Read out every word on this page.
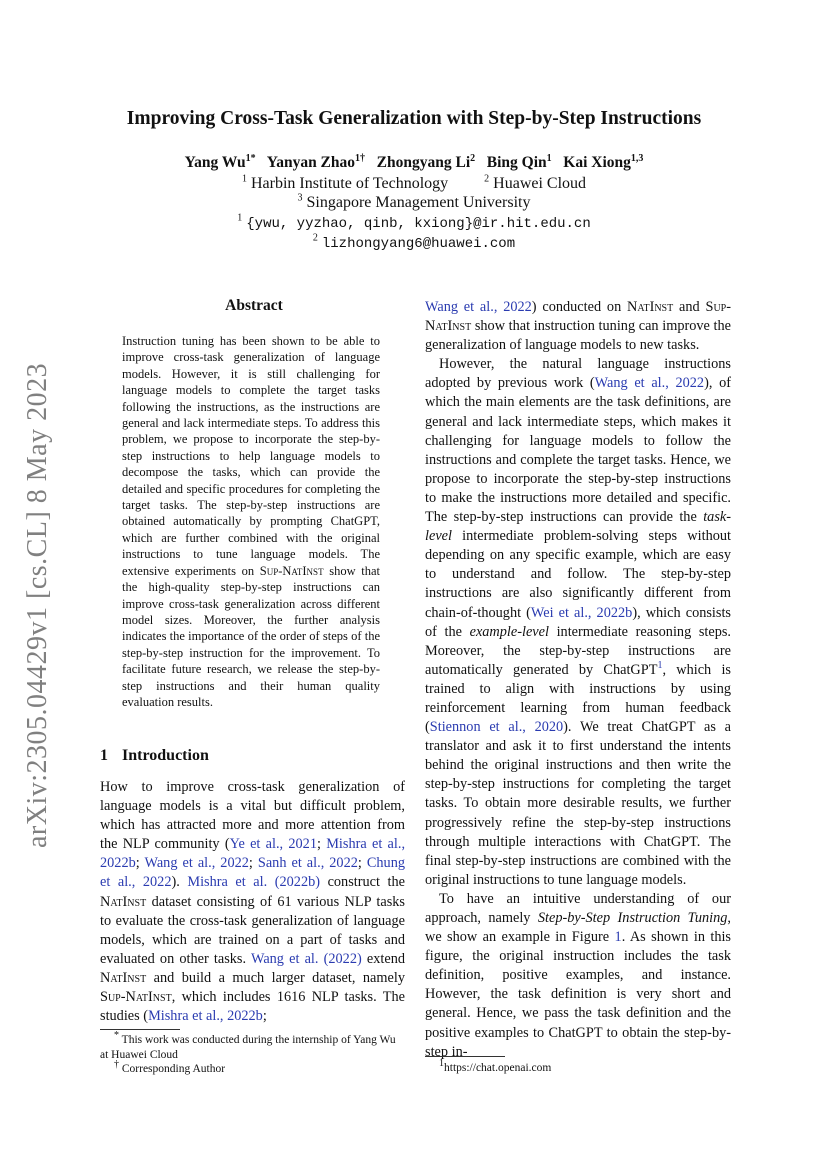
arXiv:2305.04429v1 [cs.CL] 8 May 2023
Improving Cross-Task Generalization with Step-by-Step Instructions
Yang $Wu^{1*}$ Yanyan Zhao$^{1\dagger}$ Zhongyang Li$^2$ Bing Qin$^1$ Kai Xiong$^{1,3}$
$^1$ Harbin Institute of Technology	$^2$ Huawei Cloud
$^3$ Singapore Management University
$^1$ {ywu, yyzhao, qinb, kxiong}@ir.hit.edu.cn
$^2$ lizhongyang6@huawei.com
Abstract
Instruction tuning has been shown to be able to improve cross-task generalization of language models. However, it is still challenging for language models to complete the target tasks following the instructions, as the instructions are general and lack intermediate steps. To address this problem, we propose to incorporate the step-by-step instructions to help language models to decompose the tasks, which can provide the detailed and specific procedures for completing the target tasks. The step-by-step instructions are obtained automatically by prompting ChatGPT, which are further combined with the original instructions to tune language models. The extensive experiments on Sup-NatInst show that the high-quality step-by-step instructions can improve cross-task generalization across different model sizes. Moreover, the further analysis indicates the importance of the order of steps of the step-by-step instruction for the improvement. To facilitate future research, we release the step-by-step instructions and their human quality evaluation results.
1 Introduction

How to improve cross-task generalization of language models is a vital but difficult problem, which has attracted more and more attention from the NLP community (Ye et al., 2021; Mishra et al., 2022b; Wang et al., 2022; Sanh et al., 2022; Chung et al., 2022). Mishra et al. (2022b) construct the NatInst dataset consisting of 61 various NLP tasks to evaluate the cross-task generalization of language models, which are trained on a part of tasks and evaluated on other tasks. Wang et al. (2022) extend NatInst and build a much larger dataset, namely Sup-NatInst, which includes 1616 NLP tasks. The studies (Mishra et al., 2022b;

* This work was conducted during the internship of Yang Wu at Huawei Cloud
† Corresponding Author

Wang et al., 2022) conducted on NatInst and Sup-NatInst show that instruction tuning can improve the generalization of language models to new tasks.

However, the natural language instructions adopted by previous work (Wang et al., 2022), of which the main elements are the task definitions, are general and lack intermediate steps, which makes it challenging for language models to follow the instructions and complete the target tasks. Hence, we propose to incorporate the step-by-step instructions to make the instructions more detailed and specific. The step-by-step instructions can provide the task-level intermediate problem-solving steps without depending on any specific example, which are easy to understand and follow. The step-by-step instructions are also significantly different from chain-of-thought (Wei et al., 2022b), which consists of the example-level intermediate reasoning steps. Moreover, the step-by-step instructions are automatically generated by ChatGPT$^1$, which is trained to align with instructions by using reinforcement learning from human feedback (Stiennon et al., 2020). We treat ChatGPT as a translator and ask it to first understand the intents behind the original instructions and then write the step-by-step instructions for completing the target tasks. To obtain more desirable results, we further progressively refine the step-by-step instructions through multiple interactions with ChatGPT. The final step-by-step instructions are combined with the original instructions to tune language models.

To have an intuitive understanding of our approach, namely Step-by-Step Instruction Tuning, we show an example in Figure 1. As shown in this figure, the original instruction includes the task definition, positive examples, and instance. However, the task definition is very short and general. Hence, we pass the task definition and the positive examples to ChatGPT to obtain the step-by-step in-

$^1$https://chat.openai.com
